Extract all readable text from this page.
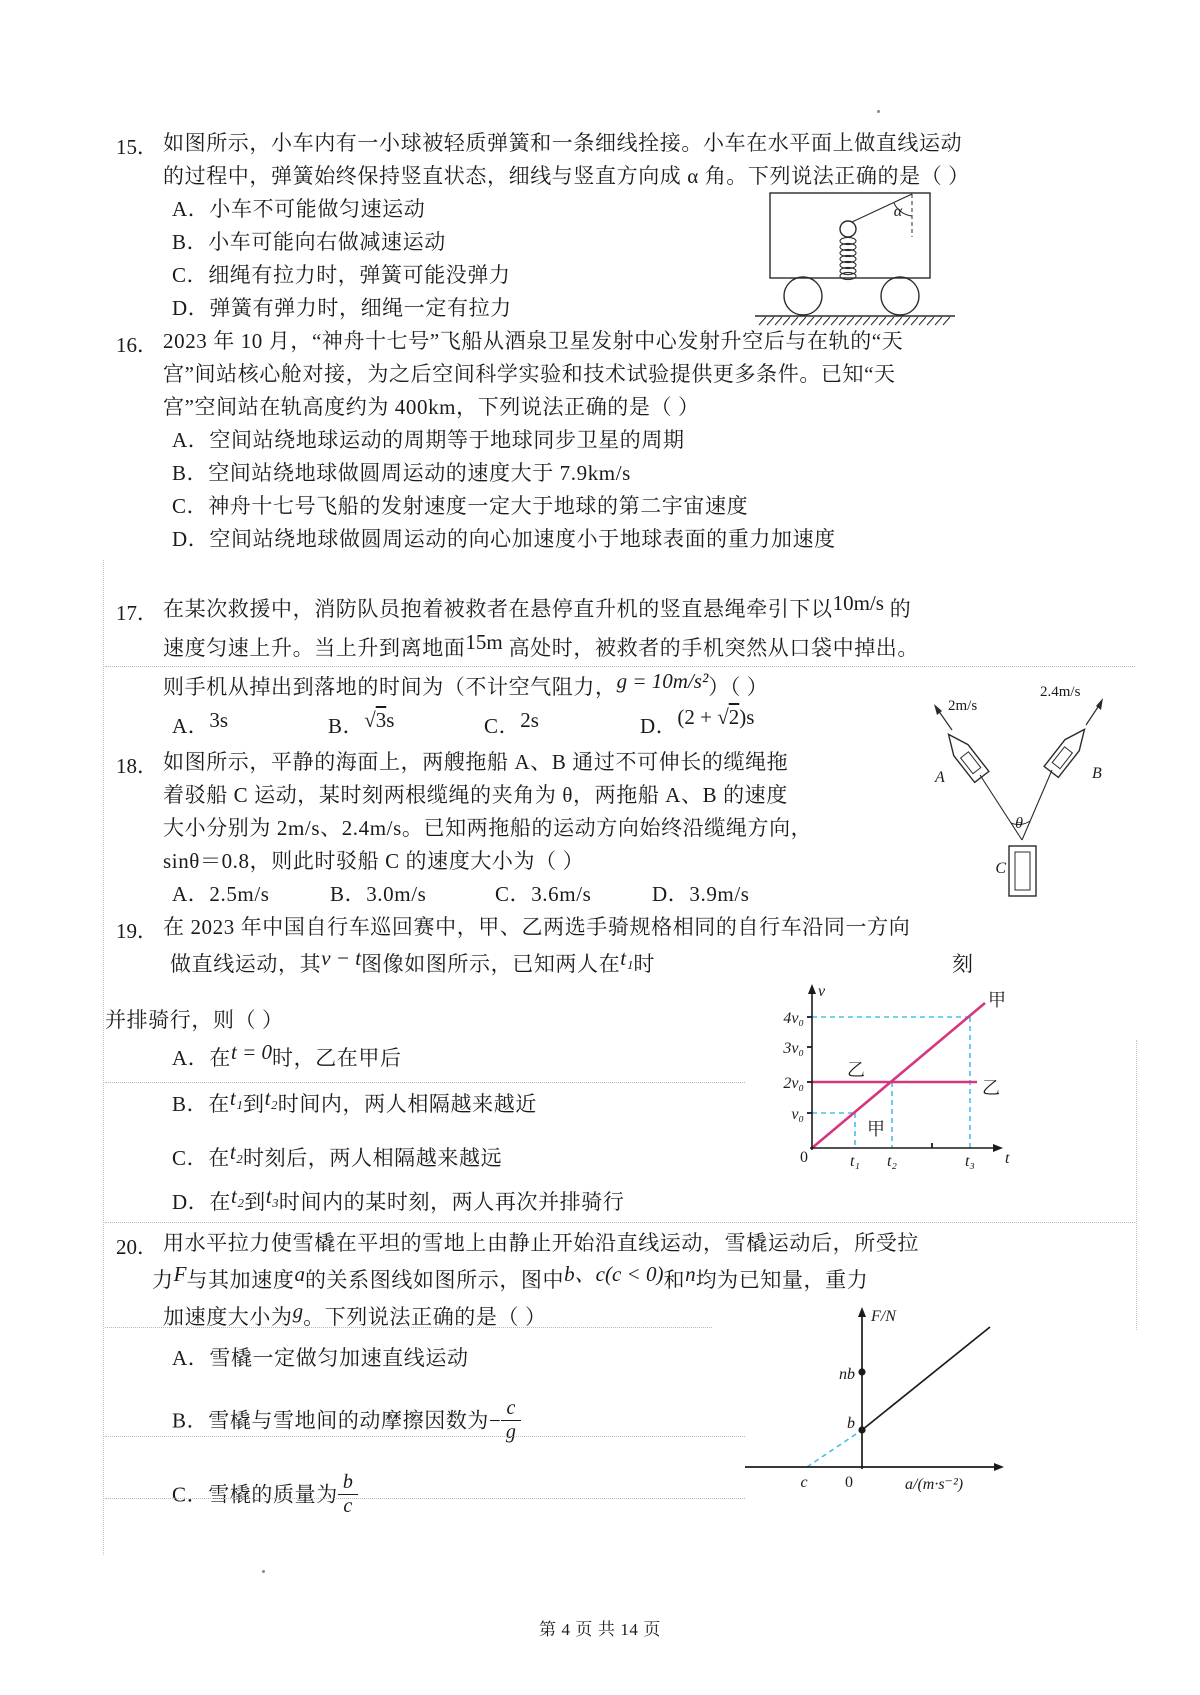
15． 如图所示，小车内有一小球被轻质弹簧和一条细线拴接。小车在水平面上做直线运动
的过程中，弹簧始终保持竖直状态，细线与竖直方向成 α 角。下列说法正确的是（ ）
A．小车不可能做匀速运动
B．小车可能向右做减速运动
C．细绳有拉力时，弹簧可能没弹力
D．弹簧有弹力时，细绳一定有拉力
α
16． 2023 年 10 月，“神舟十七号”飞船从酒泉卫星发射中心发射升空后与在轨的“天
宫”间站核心舱对接，为之后空间科学实验和技术试验提供更多条件。已知“天
宫”空间站在轨高度约为 400km，下列说法正确的是（ ）
A．空间站绕地球运动的周期等于地球同步卫星的周期
B．空间站绕地球做圆周运动的速度大于 7.9km/s
C．神舟十七号飞船的发射速度一定大于地球的第二宇宙速度
D．空间站绕地球做圆周运动的向心加速度小于地球表面的重力加速度
17． 在某次救援中，消防队员抱着被救者在悬停直升机的竖直悬绳牵引下以10m/s 的
速度匀速上升。当上升到离地面15m 高处时，被救者的手机突然从口袋中掉出。
则手机从掉出到落地的时间为（不计空气阻力，g = 10m/s²）（ ）
A．3s	B．√3s	C．2s	D．(2 + √2)s
18． 如图所示，平静的海面上，两艘拖船 A、B 通过不可伸长的缆绳拖
着驳船 C 运动，某时刻两根缆绳的夹角为 θ，两拖船 A、B 的速度
大小分别为 2m/s、2.4m/s。已知两拖船的运动方向始终沿缆绳方向，
sinθ＝0.8，则此时驳船 C 的速度大小为（ ）
A．2.5m/s	B．3.0m/s	C．3.6m/s	D．3.9m/s
2m/s
2.4m/s
A	B
θ
C
19． 在 2023 年中国自行车巡回赛中，甲、乙两选手骑规格相同的自行车沿同一方向
做直线运动，其v − t图像如图所示，已知两人在t₁时	刻
并排骑行，则（ ）
A．在t = 0时，乙在甲后
B．在t₁到t₂时间内，两人相隔越来越近
C．在t₂时刻后，两人相隔越来越远
D．在t₂到t₃时间内的某时刻，两人再次并排骑行
v
t
0
4v₀
3v₀
2v₀
v₀
t₁ t₂	t₃
甲
乙
乙
甲
20． 用水平拉力使雪橇在平坦的雪地上由静止开始沿直线运动，雪橇运动后，所受拉
力F与其加速度a的关系图线如图所示，图中b、c(c < 0)和n均为已知量，重力
加速度大小为g。下列说法正确的是（ ）
A．雪橇一定做匀加速直线运动
B．雪橇与雪地间的动摩擦因数为− $\frac{c}{g}$
C．雪橇的质量为 $\frac{b}{c}$
F/N
nb
b
c 0	a/(m·s⁻²)
第 4 页 共 14 页
